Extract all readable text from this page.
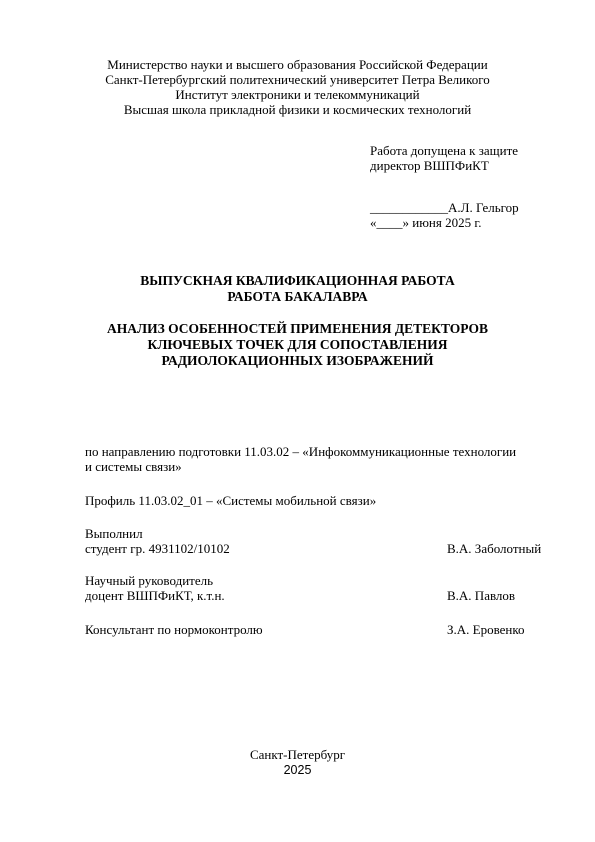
Министерство науки и высшего образования Российской Федерации
Санкт-Петербургский политехнический университет Петра Великого
Институт электроники и телекоммуникаций
Высшая школа прикладной физики и космических технологий
Работа допущена к защите
директор ВШПФиКТ
____________А.Л. Гельгор
«____» июня 2025 г.
ВЫПУСКНАЯ КВАЛИФИКАЦИОННАЯ РАБОТА
РАБОТА БАКАЛАВРА
АНАЛИЗ ОСОБЕННОСТЕЙ ПРИМЕНЕНИЯ ДЕТЕКТОРОВ
КЛЮЧЕВЫХ ТОЧЕК ДЛЯ СОПОСТАВЛЕНИЯ
РАДИОЛОКАЦИОННЫХ ИЗОБРАЖЕНИЙ
по направлению подготовки 11.03.02 – «Инфокоммуникационные технологии
и системы связи»
Профиль 11.03.02_01 – «Системы мобильной связи»
Выполнил
студент гр. 4931102/10102	В.А. Заболотный
Научный руководитель
доцент ВШПФиКТ, к.т.н.	В.А. Павлов
Консультант по нормоконтролю	З.А. Еровенко
Санкт-Петербург
2025
